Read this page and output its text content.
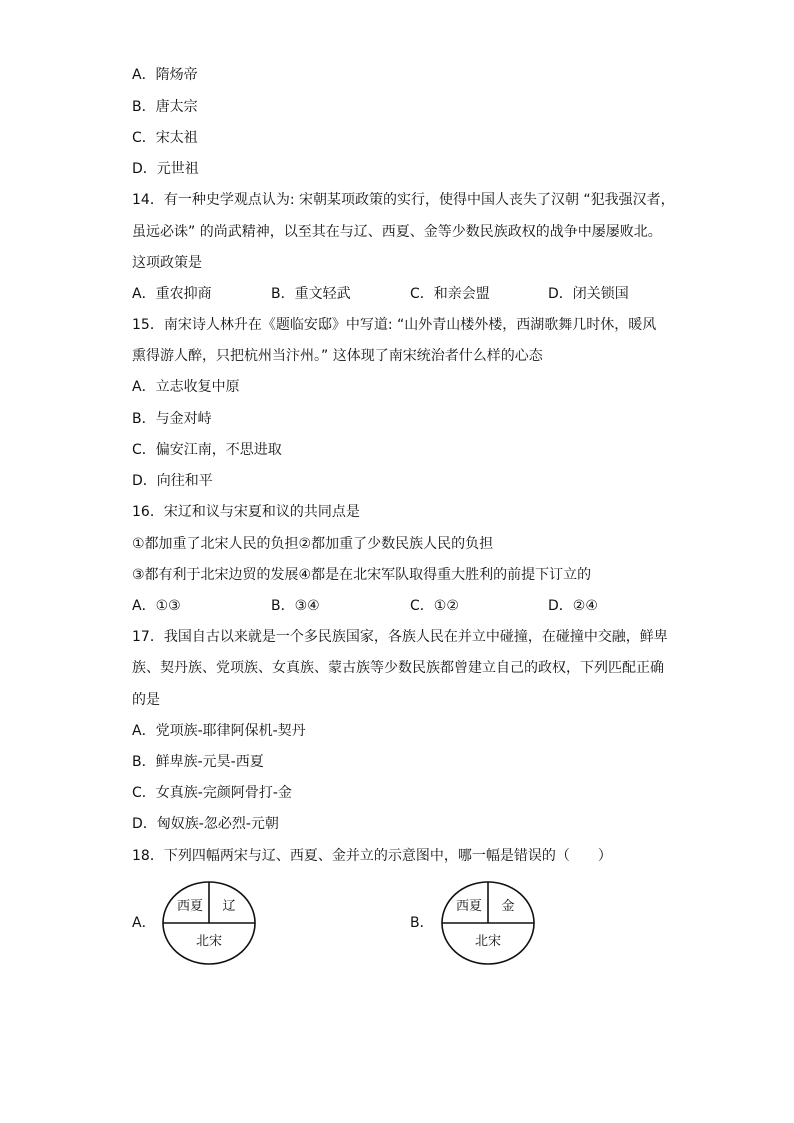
A．隋炀帝
B．唐太宗
C．宋太祖
D．元世祖
14．有一种史学观点认为: 宋朝某项政策的实行，使得中国人丧失了汉朝 “犯我强汉者，
虽远必诛” 的尚武精神，以至其在与辽、西夏、金等少数民族政权的战争中屡屡败北。
这项政策是
A．重农抑商	B．重文轻武	C．和亲会盟	D．闭关锁国
15．南宋诗人林升在《题临安邸》中写道: “山外青山楼外楼，西湖歌舞几时休，暖风
熏得游人醉，只把杭州当汴州。” 这体现了南宋统治者什么样的心态
A．立志收复中原
B．与金对峙
C．偏安江南，不思进取
D．向往和平
16．宋辽和议与宋夏和议的共同点是
①都加重了北宋人民的负担②都加重了少数民族人民的负担
③都有利于北宋边贸的发展④都是在北宋军队取得重大胜利的前提下订立的
A．①③	B．③④	C．①②	D．②④
17．我国自古以来就是一个多民族国家，各族人民在并立中碰撞，在碰撞中交融，鲜卑
族、契丹族、党项族、女真族、蒙古族等少数民族都曾建立自己的政权，下列匹配正确
的是
A．党项族-耶律阿保机-契丹
B．鲜卑族-元昊-西夏
C．女真族-完颜阿骨打-金
D．匈奴族-忽必烈-元朝
18．下列四幅两宋与辽、西夏、金并立的示意图中，哪一幅是错误的（　　）
A．
西夏 辽
北宋
B．
西夏 金
北宋
